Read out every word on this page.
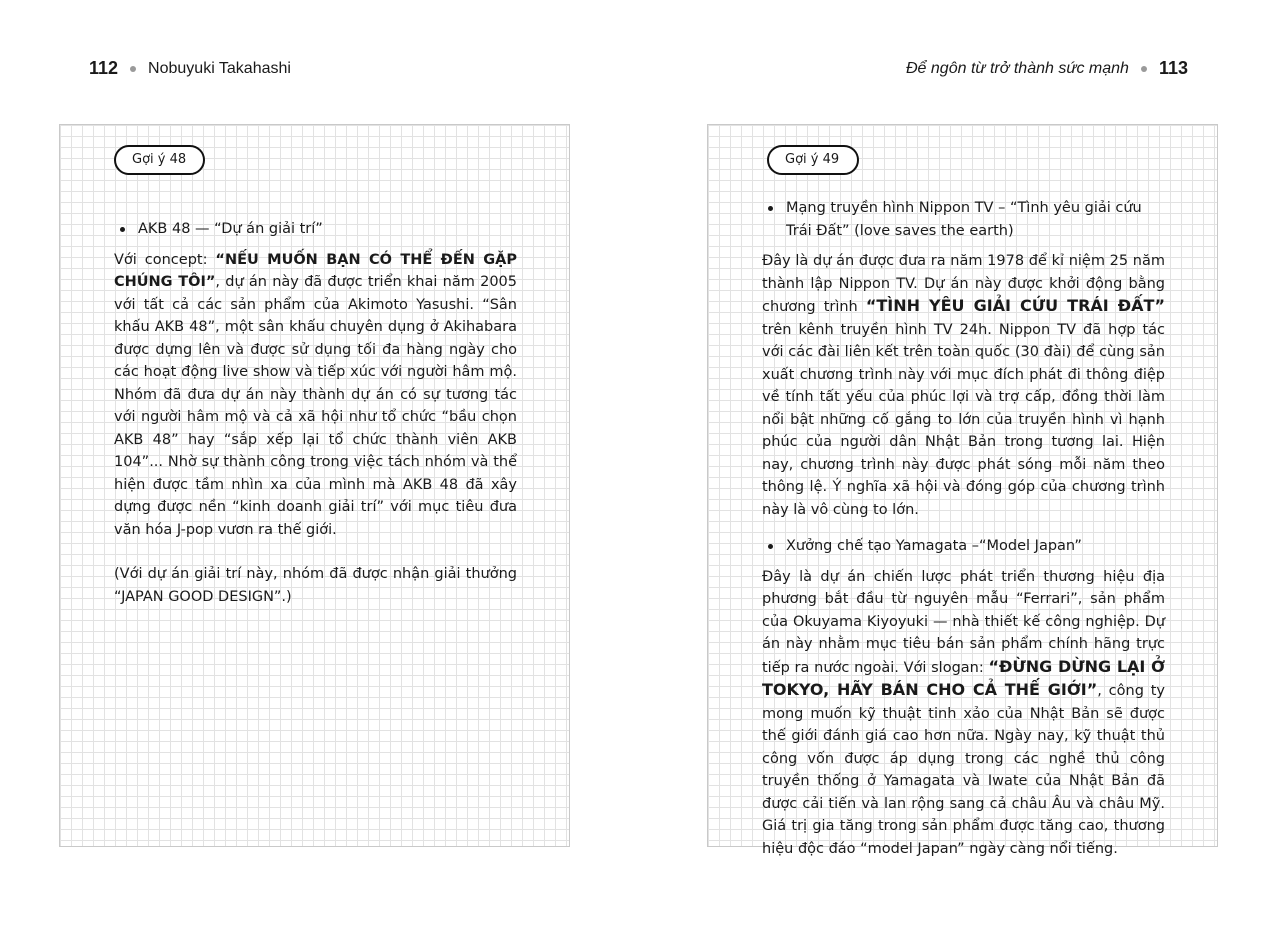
112 Nobuyuki Takahashi	Để ngôn từ trở thành sức mạnh 113
Gợi ý 48
AKB 48 — “Dự án giải trí”

Với concept: “NẾU MUỐN BẠN CÓ THỂ ĐẾN GẶP CHÚNG TÔI”, dự án này đã được triển khai năm 2005 với tất cả các sản phẩm của Akimoto Yasushi. “Sân khấu AKB 48”, một sân khấu chuyên dụng ở Akihabara được dựng lên và được sử dụng tối đa hàng ngày cho các hoạt động live show và tiếp xúc với người hâm mộ. Nhóm đã đưa dự án này thành dự án có sự tương tác với người hâm mộ và cả xã hội như tổ chức “bầu chọn AKB 48” hay “sắp xếp lại tổ chức thành viên AKB 104”... Nhờ sự thành công trong việc tách nhóm và thể hiện được tầm nhìn xa của mình mà AKB 48 đã xây dựng được nền “kinh doanh giải trí” với mục tiêu đưa văn hóa J-pop vươn ra thế giới.

(Với dự án giải trí này, nhóm đã được nhận giải thưởng “JAPAN GOOD DESIGN”.)

Gợi ý 49
Mạng truyền hình Nippon TV – “Tình yêu giải cứu Trái Đất” (love saves the earth)

Đây là dự án được đưa ra năm 1978 để kỉ niệm 25 năm thành lập Nippon TV. Dự án này được khởi động bằng chương trình “TÌNH YÊU GIẢI CỨU TRÁI ĐẤT” trên kênh truyền hình TV 24h. Nippon TV đã hợp tác với các đài liên kết trên toàn quốc (30 đài) để cùng sản xuất chương trình này với mục đích phát đi thông điệp về tính tất yếu của phúc lợi và trợ cấp, đồng thời làm nổi bật những cố gắng to lớn của truyền hình vì hạnh phúc của người dân Nhật Bản trong tương lai. Hiện nay, chương trình này được phát sóng mỗi năm theo thông lệ. Ý nghĩa xã hội và đóng góp của chương trình này là vô cùng to lớn.

Xưởng chế tạo Yamagata –“Model Japan”

Đây là dự án chiến lược phát triển thương hiệu địa phương bắt đầu từ nguyên mẫu “Ferrari”, sản phẩm của Okuyama Kiyoyuki — nhà thiết kế công nghiệp. Dự án này nhằm mục tiêu bán sản phẩm chính hãng trực tiếp ra nước ngoài. Với slogan: “ĐỪNG DỪNG LẠI Ở TOKYO, HÃY BÁN CHO CẢ THẾ GIỚI”, công ty mong muốn kỹ thuật tinh xảo của Nhật Bản sẽ được thế giới đánh giá cao hơn nữa. Ngày nay, kỹ thuật thủ công vốn được áp dụng trong các nghề thủ công truyền thống ở Yamagata và Iwate của Nhật Bản đã được cải tiến và lan rộng sang cả châu Âu và châu Mỹ. Giá trị gia tăng trong sản phẩm được tăng cao, thương hiệu độc đáo “model Japan” ngày càng nổi tiếng.
